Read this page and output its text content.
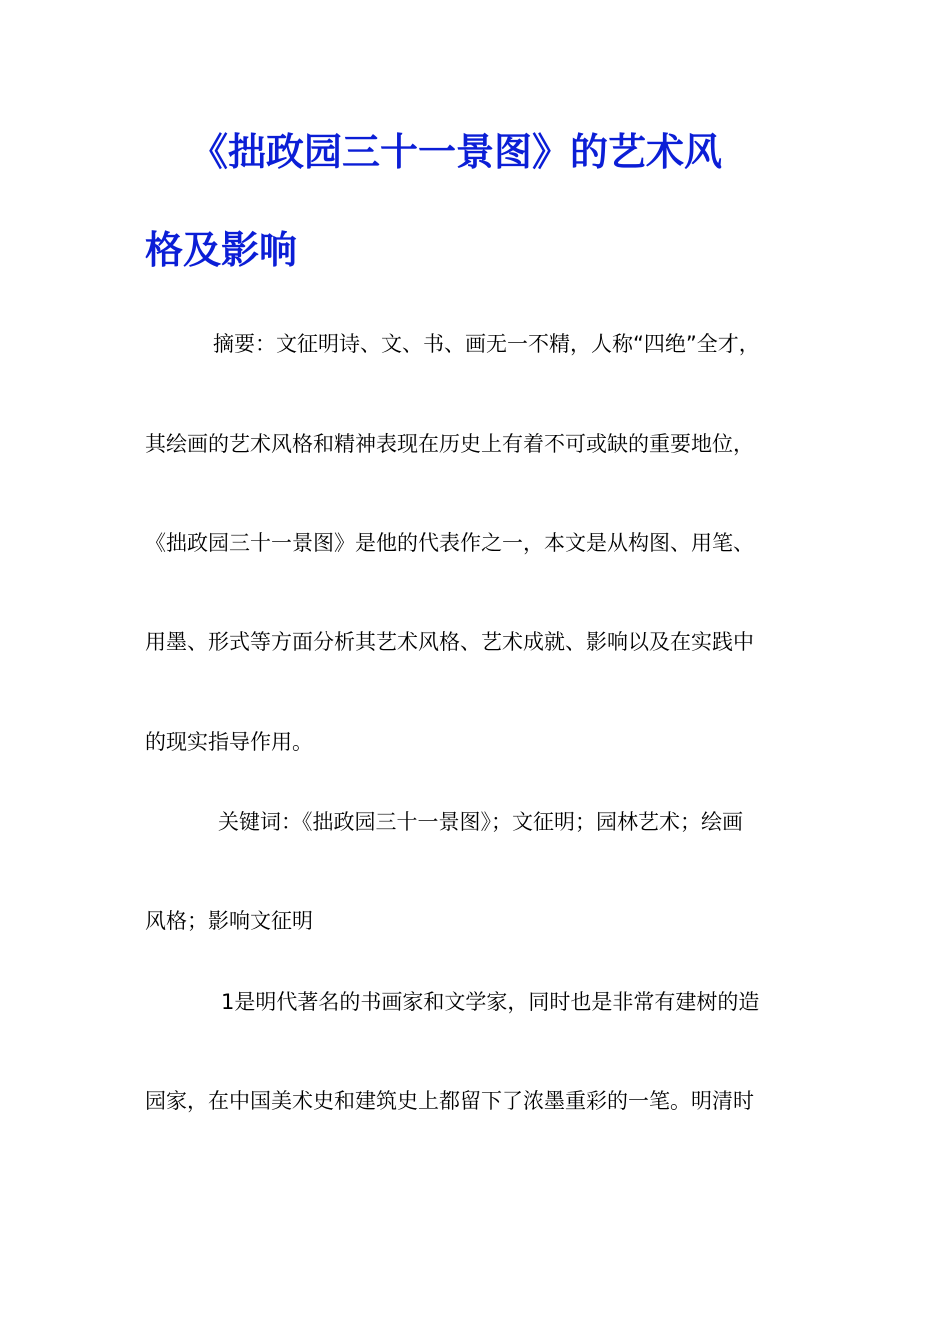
《拙政园三十一景图》的艺术风
格及影响

摘要：文征明诗、文、书、画无一不精，人称“四绝”全才，

其绘画的艺术风格和精神表现在历史上有着不可或缺的重要地位，

《拙政园三十一景图》是他的代表作之一，本文是从构图、用笔、

用墨、形式等方面分析其艺术风格、艺术成就、影响以及在实践中

的现实指导作用。

关键词：《拙政园三十一景图》；文征明；园林艺术；绘画

风格；影响文征明

1是明代著名的书画家和文学家，同时也是非常有建树的造

园家，在中国美术史和建筑史上都留下了浓墨重彩的一笔。明清时
